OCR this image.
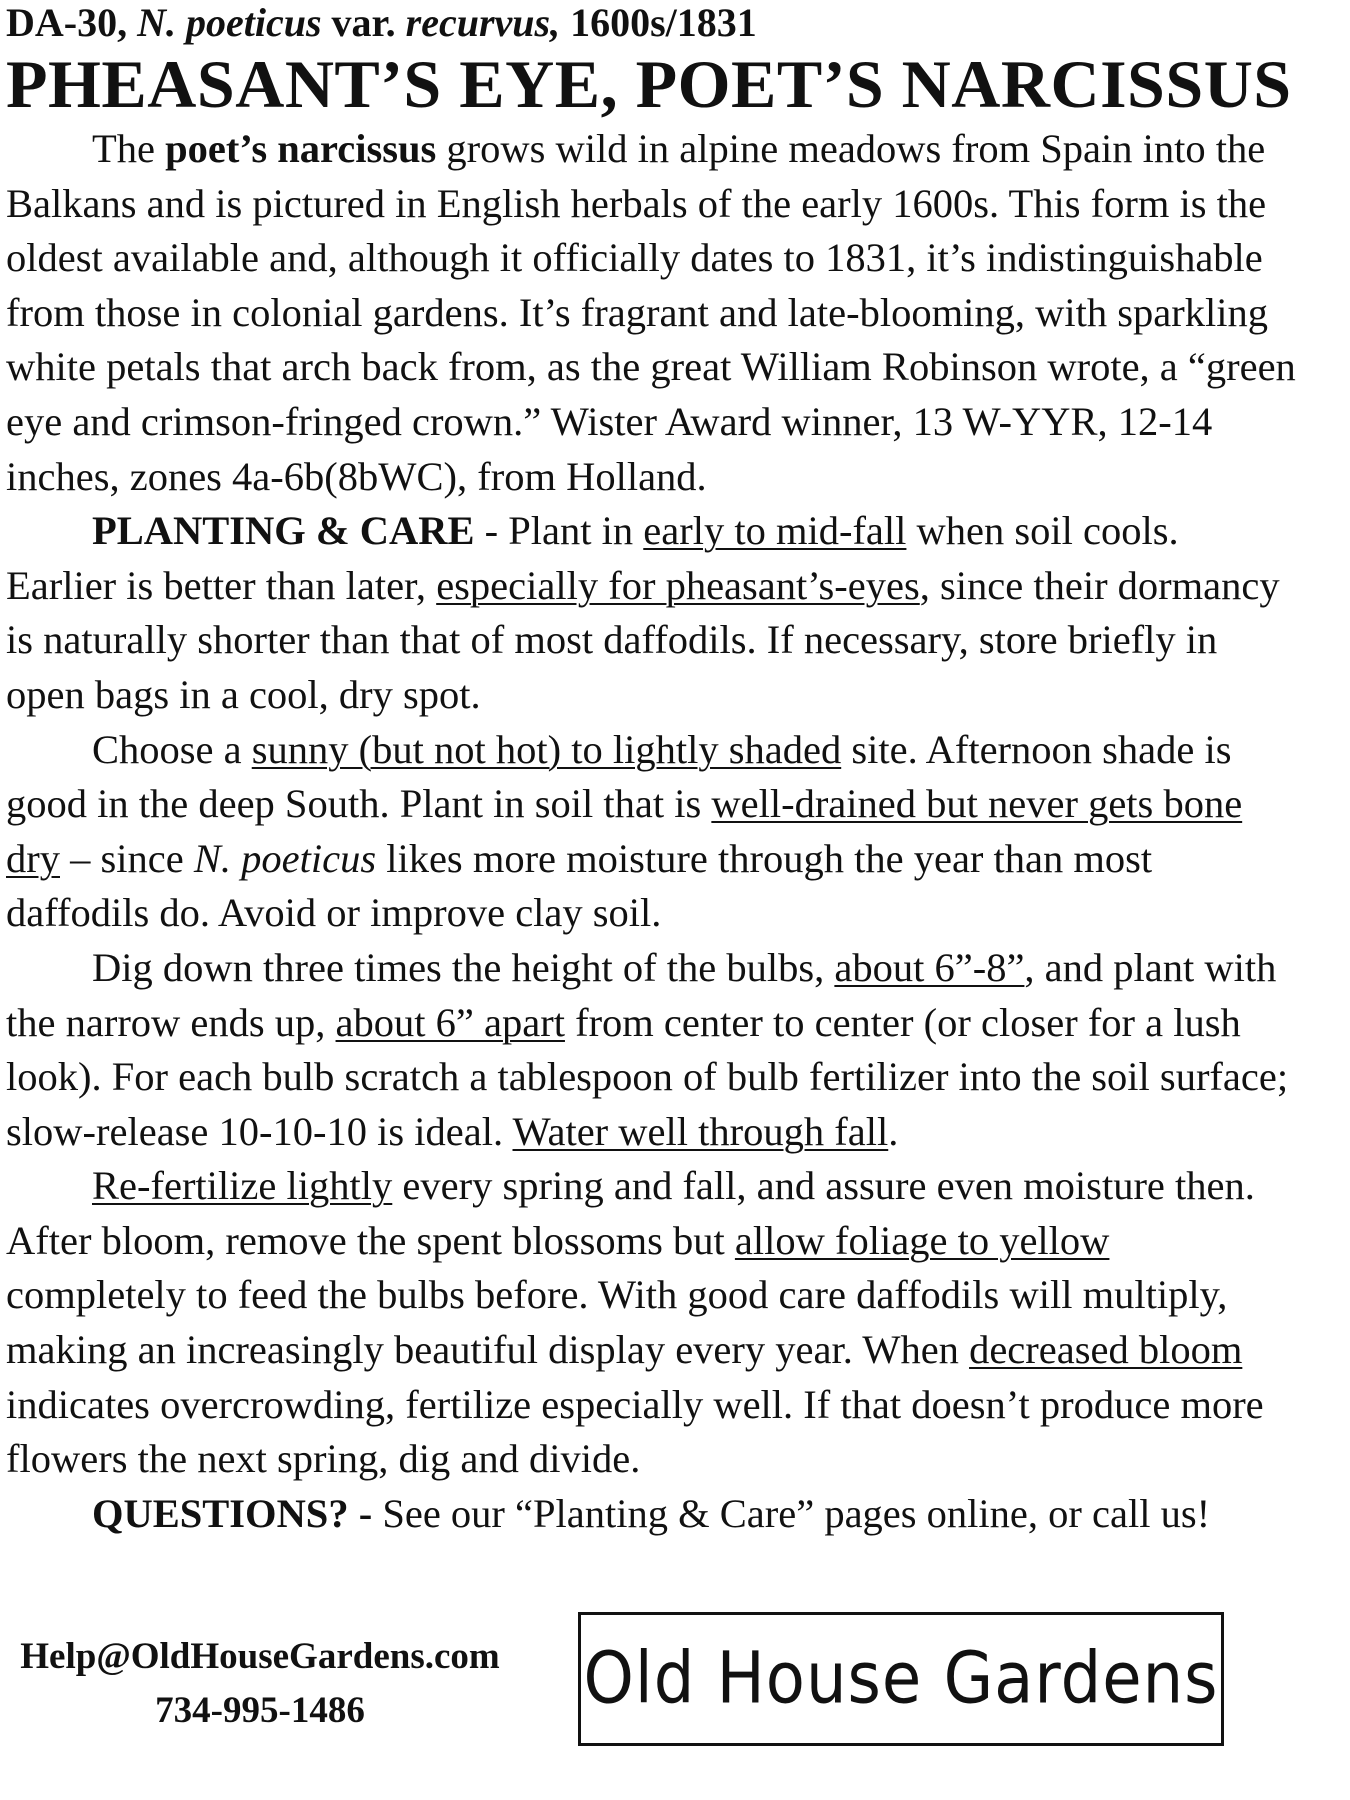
DA-30, N. poeticus var. recurvus, 1600s/1831
PHEASANT’S EYE, POET’S NARCISSUS

The poet’s narcissus grows wild in alpine meadows from Spain into the Balkans and is pictured in English herbals of the early 1600s. This form is the oldest available and, although it officially dates to 1831, it’s indistinguishable from those in colonial gardens. It’s fragrant and late-blooming, with sparkling white petals that arch back from, as the great William Robinson wrote, a “green eye and crimson-fringed crown.” Wister Award winner, 13 W-YYR, 12-14 inches, zones 4a-6b(8bWC), from Holland.

PLANTING & CARE - Plant in early to mid-fall when soil cools. Earlier is better than later, especially for pheasant’s-eyes, since their dormancy is naturally shorter than that of most daffodils. If necessary, store briefly in open bags in a cool, dry spot.

Choose a sunny (but not hot) to lightly shaded site. Afternoon shade is good in the deep South. Plant in soil that is well-drained but never gets bone dry – since N. poeticus likes more moisture through the year than most daffodils do. Avoid or improve clay soil.

Dig down three times the height of the bulbs, about 6”-8”, and plant with the narrow ends up, about 6” apart from center to center (or closer for a lush look). For each bulb scratch a tablespoon of bulb fertilizer into the soil surface; slow-release 10-10-10 is ideal. Water well through fall.

Re-fertilize lightly every spring and fall, and assure even moisture then. After bloom, remove the spent blossoms but allow foliage to yellow completely to feed the bulbs before. With good care daffodils will multiply, making an increasingly beautiful display every year. When decreased bloom indicates overcrowding, fertilize especially well. If that doesn’t produce more flowers the next spring, dig and divide.

QUESTIONS? - See our “Planting & Care” pages online, or call us!

Help@OldHouseGardens.com
734-995-1486	Old House Gardens
